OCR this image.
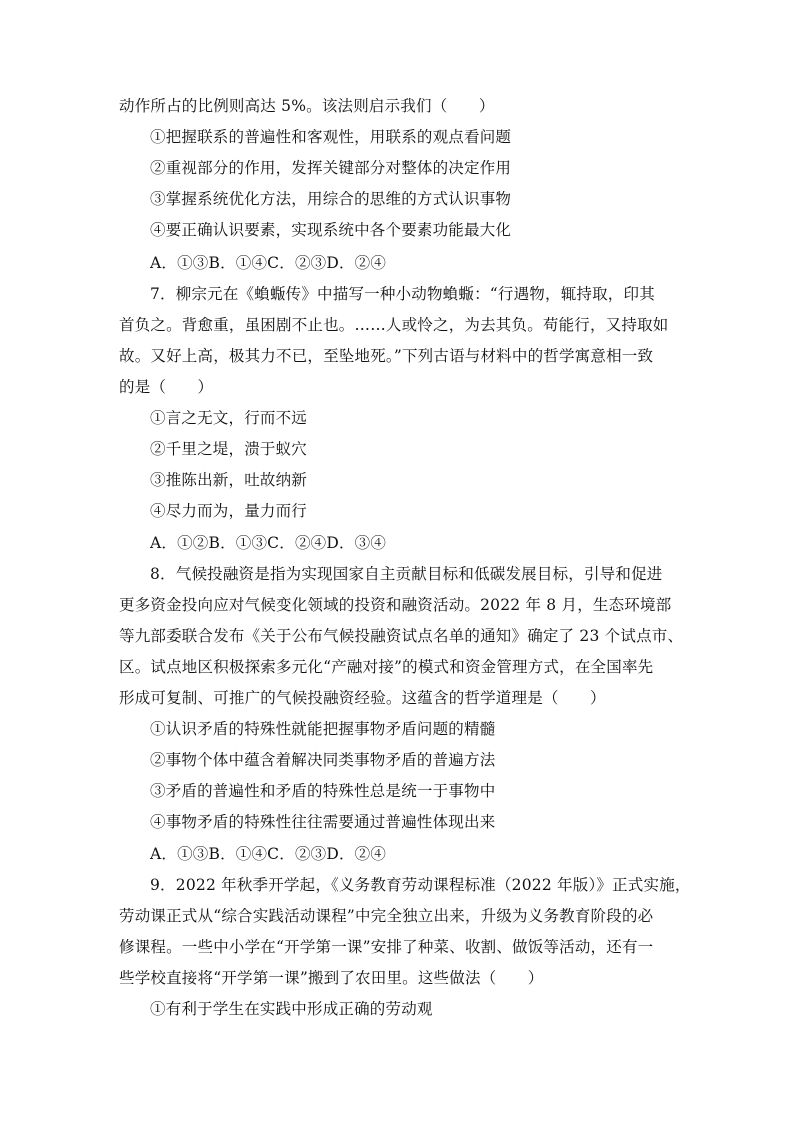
动作所占的比例则高达 5%。该法则启示我们（　　）
①把握联系的普遍性和客观性，用联系的观点看问题
②重视部分的作用，发挥关键部分对整体的决定作用
③掌握系统优化方法，用综合的思维的方式认识事物
④要正确认识要素，实现系统中各个要素功能最大化
A．①③B．①④C．②③D．②④
7．柳宗元在《蝜蝂传》中描写一种小动物蝜蝂：“行遇物，辄持取，印其
首负之。背愈重，虽困剧不止也。……人或怜之，为去其负。苟能行，又持取如
故。又好上高，极其力不已，至坠地死。”下列古语与材料中的哲学寓意相一致
的是（　　）
①言之无文，行而不远
②千里之堤，溃于蚁穴
③推陈出新，吐故纳新
④尽力而为，量力而行
A．①②B．①③C．②④D．③④
8．气候投融资是指为实现国家自主贡献目标和低碳发展目标，引导和促进
更多资金投向应对气候变化领域的投资和融资活动。2022 年 8 月，生态环境部
等九部委联合发布《关于公布气候投融资试点名单的通知》确定了 23 个试点市、
区。试点地区积极探索多元化“产融对接”的模式和资金管理方式，在全国率先
形成可复制、可推广的气候投融资经验。这蕴含的哲学道理是（　　）
①认识矛盾的特殊性就能把握事物矛盾问题的精髓
②事物个体中蕴含着解决同类事物矛盾的普遍方法
③矛盾的普遍性和矛盾的特殊性总是统一于事物中
④事物矛盾的特殊性往往需要通过普遍性体现出来
A．①③B．①④C．②③D．②④
9．2022 年秋季开学起，《义务教育劳动课程标准（2022 年版）》正式实施，
劳动课正式从“综合实践活动课程”中完全独立出来，升级为义务教育阶段的必
修课程。一些中小学在“开学第一课”安排了种菜、收割、做饭等活动，还有一
些学校直接将“开学第一课”搬到了农田里。这些做法（　　）
①有利于学生在实践中形成正确的劳动观
